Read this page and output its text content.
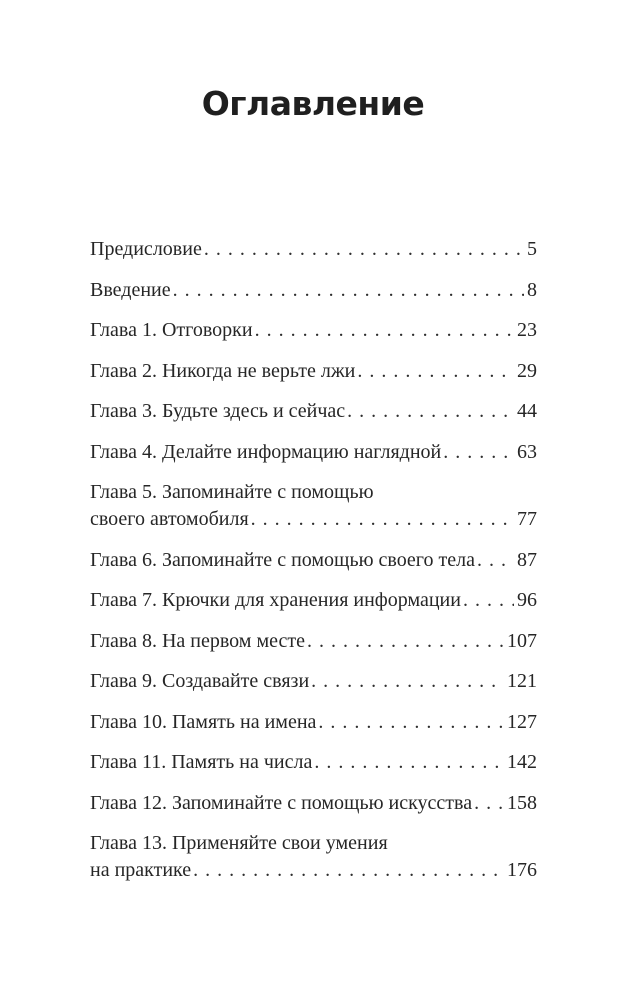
Оглавление
Предисловие . . .	5
Введение . . .	8
Глава 1. Отговорки . . .	23
Глава 2. Никогда не верьте лжи . . .	29
Глава 3. Будьте здесь и сейчас . . .	44
Глава 4. Делайте информацию наглядной . . .	63
Глава 5. Запоминайте с помощью
своего автомобиля . . .	77
Глава 6. Запоминайте с помощью своего тела . . . 87
Глава 7. Крючки для хранения информации . . .	96
Глава 8. На первом месте . . .	107
Глава 9. Создавайте связи . . .	121
Глава 10. Память на имена . . .	127
Глава 11. Память на числа . . .	142
Глава 12. Запоминайте с помощью искусства . . . 158
Глава 13. Применяйте свои умения
на практике . . .	176
